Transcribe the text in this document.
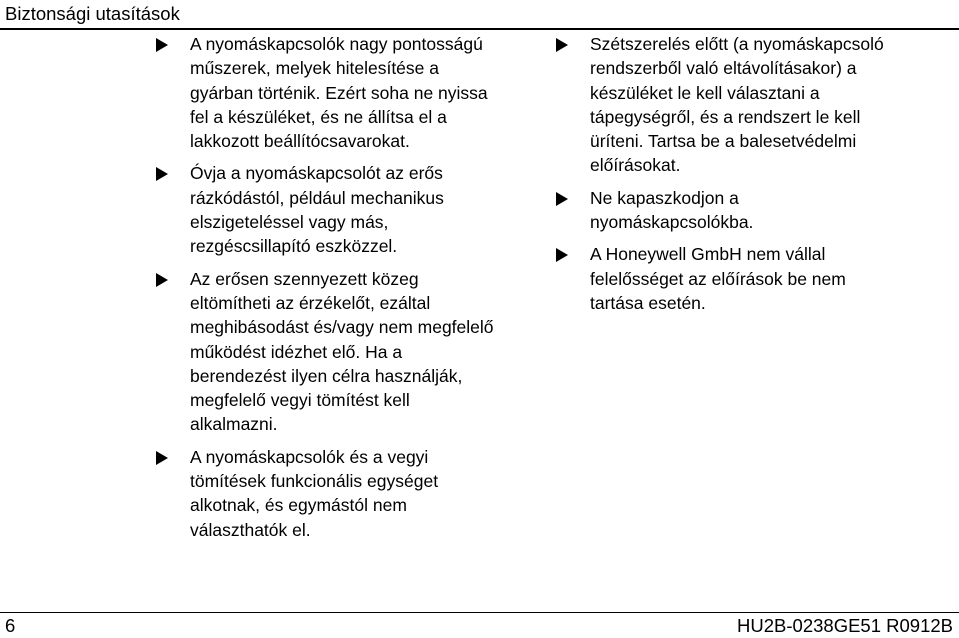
Biztonsági utasítások
A nyomáskapcsolók nagy pontosságú
műszerek, melyek hitelesítése a
gyárban történik. Ezért soha ne nyissa
fel a készüléket, és ne állítsa el a
lakkozott beállítócsavarokat.
Óvja a nyomáskapcsolót az erős
rázkódástól, például mechanikus
elszigeteléssel vagy más,
rezgéscsillapító eszközzel.
Az erősen szennyezett közeg
eltömítheti az érzékelőt, ezáltal
meghibásodást és/vagy nem megfelelő
működést idézhet elő. Ha a
berendezést ilyen célra használják,
megfelelő vegyi tömítést kell
alkalmazni.
A nyomáskapcsolók és a vegyi
tömítések funkcionális egységet
alkotnak, és egymástól nem
választhatók el.
Szétszerelés előtt (a nyomáskapcsoló
rendszerből való eltávolításakor) a
készüléket le kell választani a
tápegységről, és a rendszert le kell
üríteni. Tartsa be a balesetvédelmi
előírásokat.
Ne kapaszkodjon a
nyomáskapcsolókba.
A Honeywell GmbH nem vállal
felelősséget az előírások be nem
tartása esetén.
6	HU2B-0238GE51 R0912B
